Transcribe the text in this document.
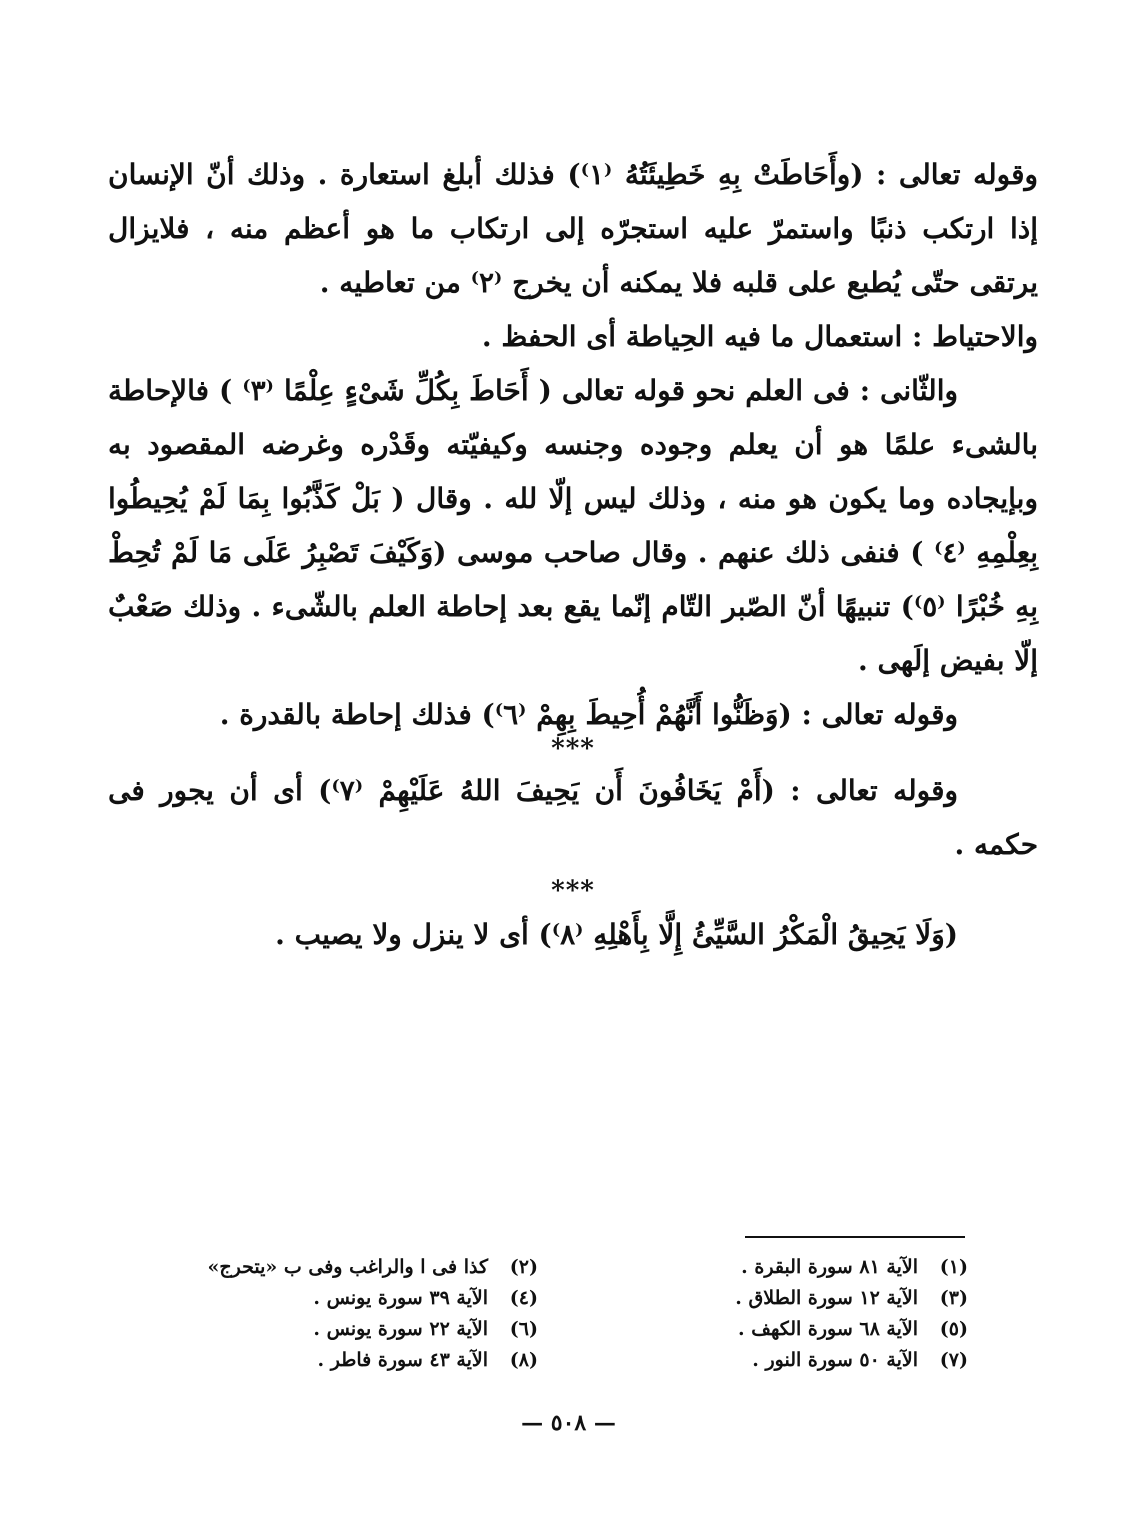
وقوله تعالى : (وأَحَاطَتْ بِهِ خَطِيئَتُهُ ⁽١⁾) فذلك أبلغ استعارة . وذلك أنّ الإنسان إذا ارتكب ذنبًا واستمرّ عليه استجرّه إلى ارتكاب ما هو أعظم منه ، فلايزال يرتقى حتّى يُطبع على قلبه فلا يمكنه أن يخرج ⁽٢⁾ من تعاطيه .

والاحتياط : استعمال ما فيه الحِياطة أى الحفظ .

والثّانى : فى العلم نحو قوله تعالى ( أَحَاطَ بِكُلِّ شَىْءٍ عِلْمًا ⁽٣⁾ ) فالإحاطة بالشىء علمًا هو أن يعلم وجوده وجنسه وكيفيّته وقَدْره وغرضه المقصود به وبإيجاده وما يكون هو منه ، وذلك ليس إلّا لله . وقال ( بَلْ كَذَّبُوا بِمَا لَمْ يُحِيطُوا بِعِلْمِهِ ⁽٤⁾ ) فنفى ذلك عنهم . وقال صاحب موسى (وَكَيْفَ تَصْبِرُ عَلَى مَا لَمْ تُحِطْ بِهِ خُبْرًا ⁽٥⁾) تنبيهًا أنّ الصّبر التّام إنّما يقع بعد إحاطة العلم بالشّىء . وذلك صَعْبٌ إلّا بفيض إلَهى .

وقوله تعالى : (وَظَنُّوا أَنَّهُمْ أُحِيطَ بِهِمْ ⁽٦⁾) فذلك إحاطة بالقدرة .

***

وقوله تعالى : (أَمْ يَخَافُونَ أَن يَحِيفَ اللهُ عَلَيْهِمْ ⁽٧⁾) أى أن يجور فى حكمه .

***

(وَلَا يَحِيقُ الْمَكْرُ السَّيِّئُ إِلَّا بِأَهْلِهِ ⁽٨⁾) أى لا ينزل ولا يصيب .

(١)
الآية ٨١ سورة البقرة .
(٢)
كذا فى ا والراغب وفى ب «يتحرج»
(٣)
الآية ١٢ سورة الطلاق .
(٤)
الآية ٣٩ سورة يونس .
(٥)
الآية ٦٨ سورة الكهف .
(٦)
الآية ٢٢ سورة يونس .
(٧)
الآية ٥٠ سورة النور .
(٨)
الآية ٤٣ سورة فاطر .
— ٥٠٨ —
